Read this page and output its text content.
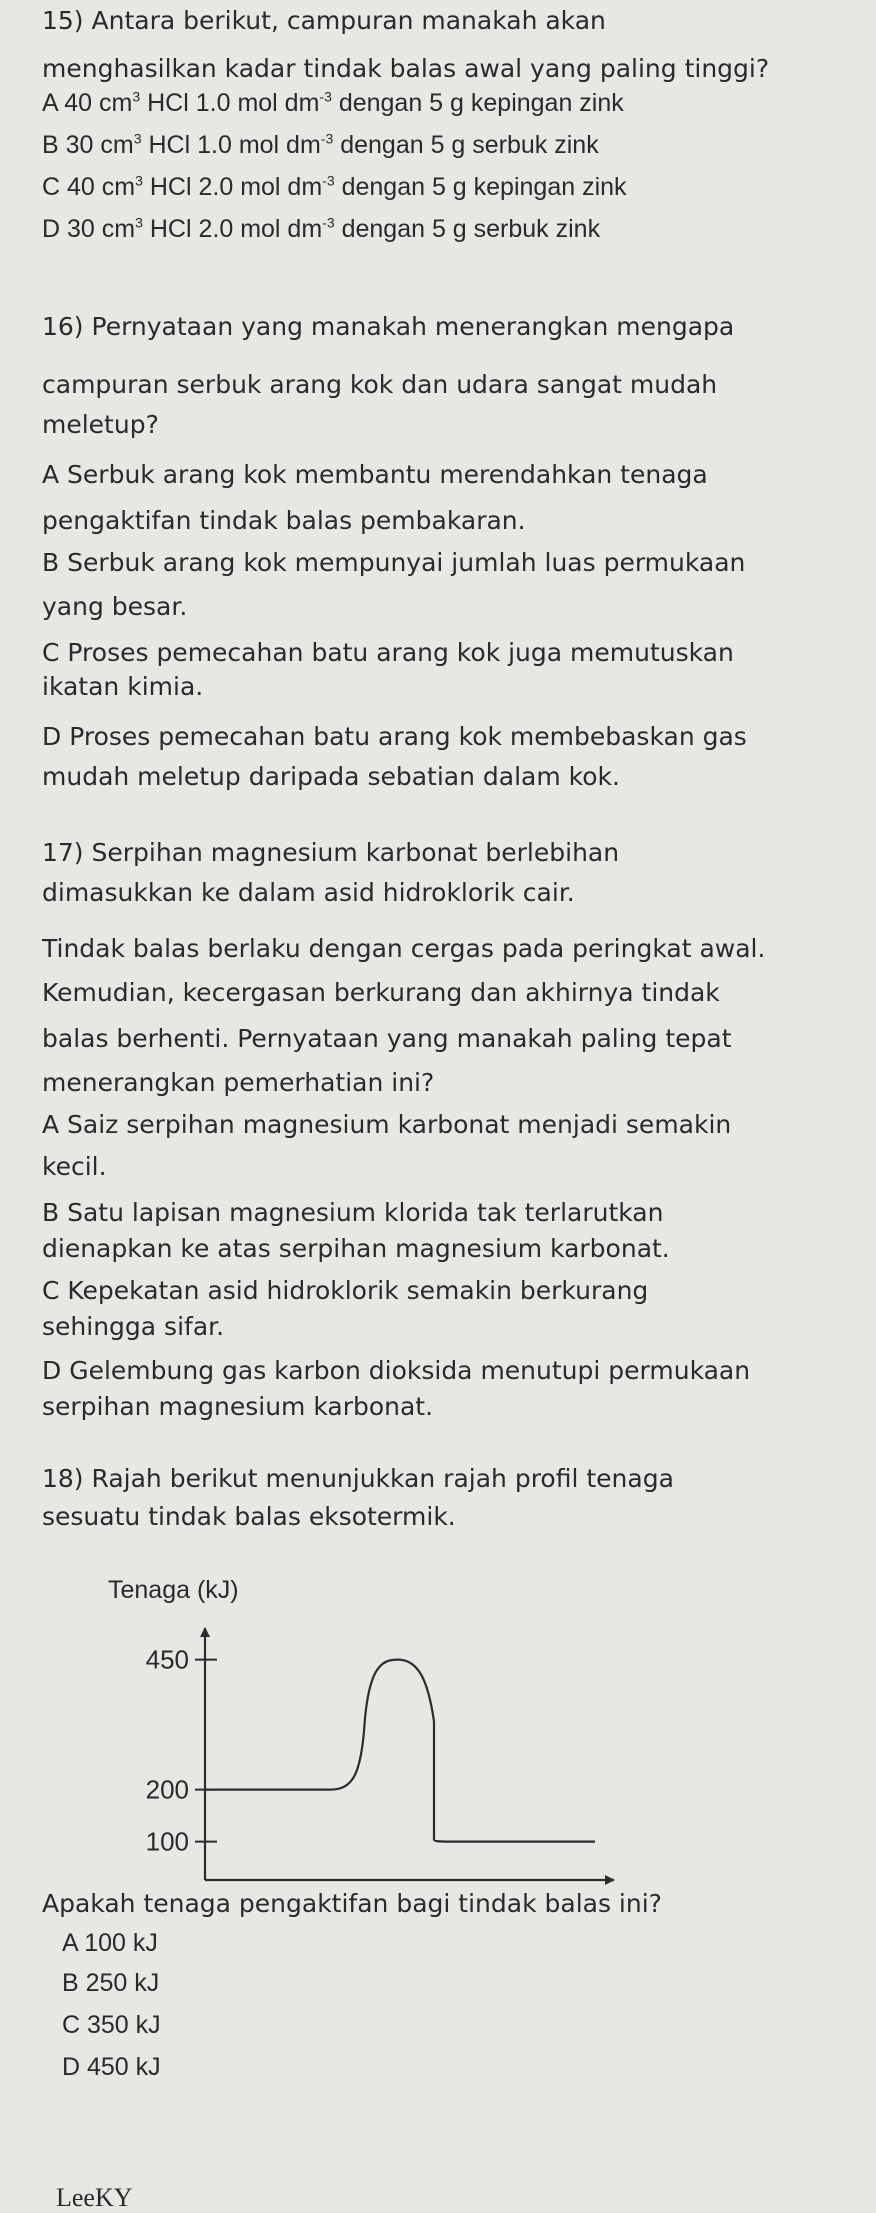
15) Antara berikut, campuran manakah akan
menghasilkan kadar tindak balas awal yang paling tinggi?
A 40 $cm^3$ HCl 1.0 mol $dm^{-3}$ dengan 5 g kepingan zink
B 30 $cm^3$ HCl 1.0 mol $dm^{-3}$ dengan 5 g serbuk zink
C 40 $cm^3$ HCl 2.0 mol $dm^{-3}$ dengan 5 g kepingan zink
D 30 $cm^3$ HCl 2.0 mol $dm^{-3}$ dengan 5 g serbuk zink
16) Pernyataan yang manakah menerangkan mengapa
campuran serbuk arang kok dan udara sangat mudah
meletup?
A Serbuk arang kok membantu merendahkan tenaga
pengaktifan tindak balas pembakaran.
B Serbuk arang kok mempunyai jumlah luas permukaan
yang besar.
C Proses pemecahan batu arang kok juga memutuskan
ikatan kimia.
D Proses pemecahan batu arang kok membebaskan gas
mudah meletup daripada sebatian dalam kok.
17) Serpihan magnesium karbonat berlebihan
dimasukkan ke dalam asid hidroklorik cair.
Tindak balas berlaku dengan cergas pada peringkat awal.
Kemudian, kecergasan berkurang dan akhirnya tindak
balas berhenti. Pernyataan yang manakah paling tepat
menerangkan pemerhatian ini?
A Saiz serpihan magnesium karbonat menjadi semakin
kecil.
B Satu lapisan magnesium klorida tak terlarutkan
dienapkan ke atas serpihan magnesium karbonat.
C Kepekatan asid hidroklorik semakin berkurang
sehingga sifar.
D Gelembung gas karbon dioksida menutupi permukaan
serpihan magnesium karbonat.
18) Rajah berikut menunjukkan rajah profil tenaga
sesuatu tindak balas eksotermik.
Tenaga (kJ)
450
200
100
Apakah tenaga pengaktifan bagi tindak balas ini?
A 100 kJ
B 250 kJ
C 350 kJ
D 450 kJ
LeeKY
